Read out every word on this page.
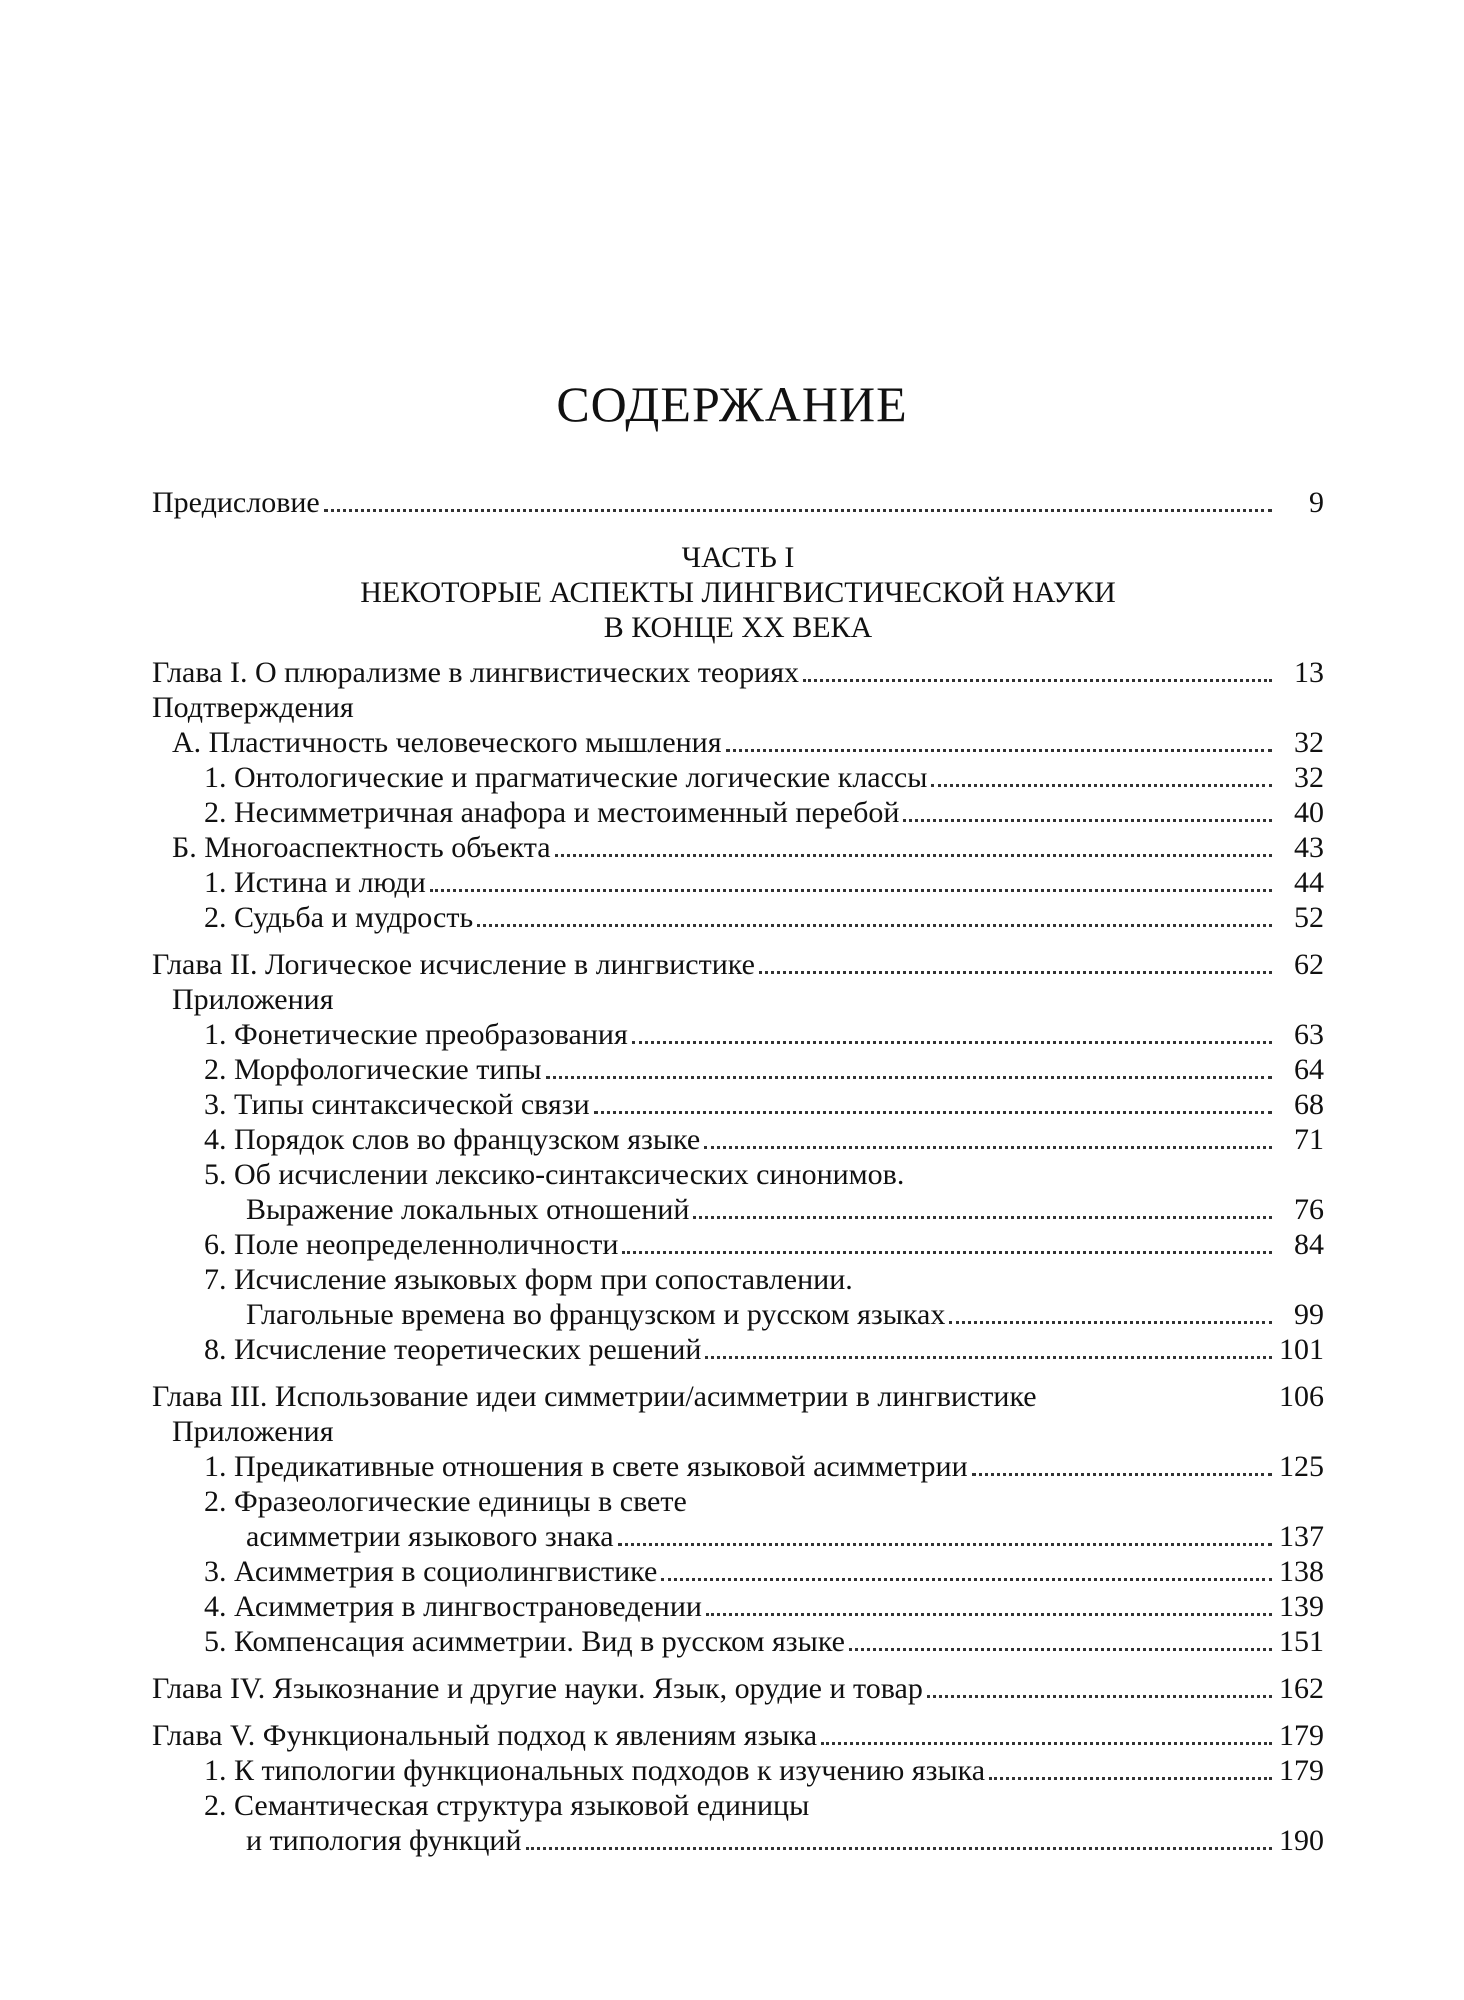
СОДЕРЖАНИЕ
Предисловие	9
ЧАСТЬ I
НЕКОТОРЫЕ АСПЕКТЫ ЛИНГВИСТИЧЕСКОЙ НАУКИ
В КОНЦЕ XX ВЕКА
Глава I. О плюрализме в лингвистических теориях	13
Подтверждения
А. Пластичность человеческого мышления	32
1. Онтологические и прагматические логические классы	32
2. Несимметричная анафора и местоименный перебой	40
Б. Многоаспектность объекта	43
1. Истина и люди	44
2. Судьба и мудрость	52
Глава II. Логическое исчисление в лингвистике	62
Приложения
1. Фонетические преобразования	63
2. Морфологические типы	64
3. Типы синтаксической связи	68
4. Порядок слов во французском языке	71
5. Об исчислении лексико-синтаксических синонимов.
Выражение локальных отношений	76
6. Поле неопределенноличности	84
7. Исчисление языковых форм при сопоставлении.
Глагольные времена во французском и русском языках	99
8. Исчисление теоретических решений	101
Глава III. Использование идеи симметрии/асимметрии в лингвистике	106
Приложения
1. Предикативные отношения в свете языковой асимметрии	125
2. Фразеологические единицы в свете
асимметрии языкового знака	137
3. Асимметрия в социолингвистике	138
4. Асимметрия в лингвострановедении	139
5. Компенсация асимметрии. Вид в русском языке	151
Глава IV. Языкознание и другие науки. Язык, орудие и товар	162
Глава V. Функциональный подход к явлениям языка	179
1. К типологии функциональных подходов к изучению языка	179
2. Семантическая структура языковой единицы
и типология функций	190
